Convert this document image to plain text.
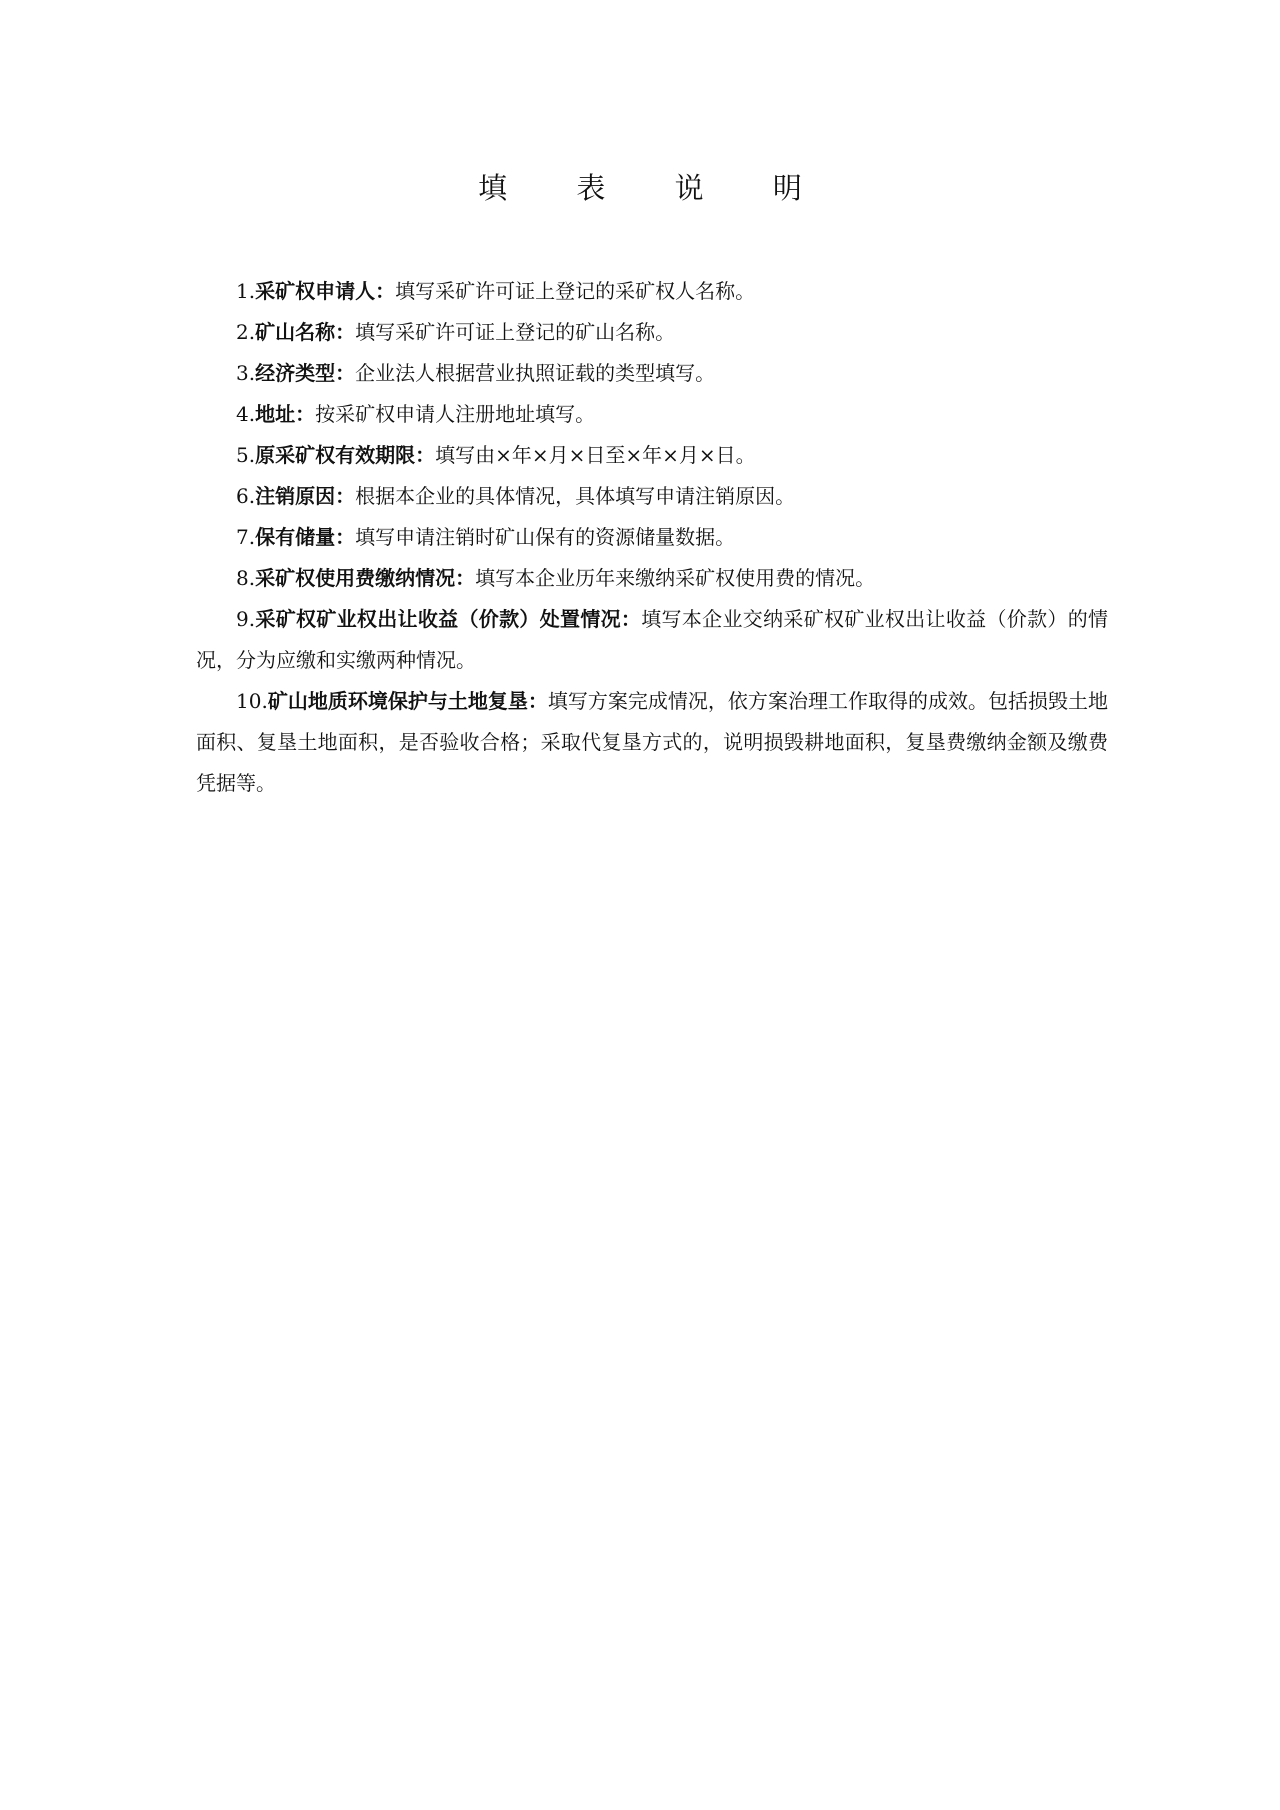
填 表 说 明

1.采矿权申请人：填写采矿许可证上登记的采矿权人名称。

2.矿山名称：填写采矿许可证上登记的矿山名称。

3.经济类型：企业法人根据营业执照证载的类型填写。

4.地址：按采矿权申请人注册地址填写。

5.原采矿权有效期限：填写由×年×月×日至×年×月×日。

6.注销原因：根据本企业的具体情况，具体填写申请注销原因。

7.保有储量：填写申请注销时矿山保有的资源储量数据。

8.采矿权使用费缴纳情况：填写本企业历年来缴纳采矿权使用费的情况。

9.采矿权矿业权出让收益（价款）处置情况：填写本企业交纳采矿权矿业权出让收益（价款）的情况，分为应缴和实缴两种情况。

10.矿山地质环境保护与土地复垦：填写方案完成情况，依方案治理工作取得的成效。包括损毁土地面积、复垦土地面积，是否验收合格；采取代复垦方式的，说明损毁耕地面积，复垦费缴纳金额及缴费凭据等。
